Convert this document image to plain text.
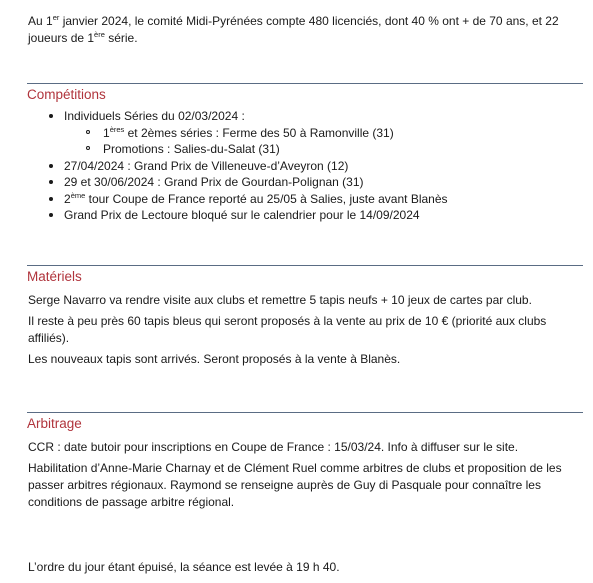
Au 1er janvier 2024, le comité Midi-Pyrénées compte 480 licenciés, dont 40 % ont + de 70 ans, et 22 joueurs de 1ère série.

Compétitions
Individuels Séries du 02/03/2024 :
1ères et 2èmes séries : Ferme des 50 à Ramonville (31)
Promotions : Salies-du-Salat (31)
27/04/2024 : Grand Prix de Villeneuve-d’Aveyron (12)
29 et 30/06/2024 : Grand Prix de Gourdan-Polignan (31)
2ème tour Coupe de France reporté au 25/05 à Salies, juste avant Blanès
Grand Prix de Lectoure bloqué sur le calendrier pour le 14/09/2024
Matériels

Serge Navarro va rendre visite aux clubs et remettre 5 tapis neufs + 10 jeux de cartes par club.

Il reste à peu près 60 tapis bleus qui seront proposés à la vente au prix de 10 € (priorité aux clubs affiliés).

Les nouveaux tapis sont arrivés. Seront proposés à la vente à Blanès.

Arbitrage

CCR : date butoir pour inscriptions en Coupe de France : 15/03/24. Info à diffuser sur le site.

Habilitation d’Anne-Marie Charnay et de Clément Ruel comme arbitres de clubs et proposition de les passer arbitres régionaux. Raymond se renseigne auprès de Guy di Pasquale pour connaître les conditions de passage arbitre régional.

L’ordre du jour étant épuisé, la séance est levée à 19 h 40.
